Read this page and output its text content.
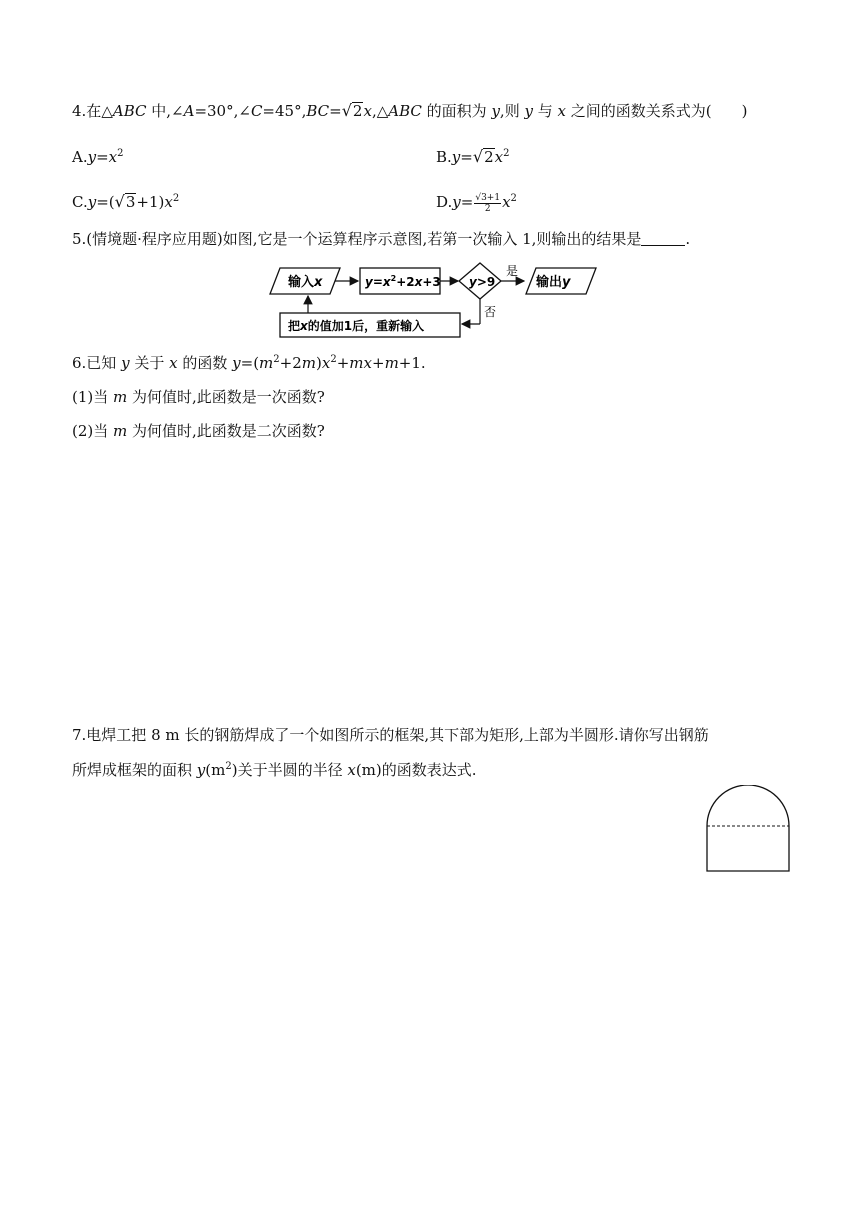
4.在△ABC 中,∠A=30°,∠C=45°,BC= √ 2 x,△ABC 的面积为 y,则 y 与 x 之间的函数关系式为( )
$A.y=x^2$	B.y= √ 2 $x^2$
C.y=( √ $3 +1)x^2$	$D.y= \frac{√3+1}{2} x^2$
5.(情境题·程序应用题)如图,它是一个运算程序示意图,若第一次输入 1,则输出的结果是	.
输入x	$y=x^2+2x+3$ y>9
是
输出y
否
把x的值加1后，重新输入
6.已知 y 关于 x 的函数 $y=(m^2+2m)x^2+mx+m+1$.
(1)当 m 为何值时,此函数是一次函数?
(2)当 m 为何值时,此函数是二次函数?
7.电焊工把 8 m 长的钢筋焊成了一个如图所示的框架,其下部为矩形,上部为半圆形.请你写出钢筋
所焊成框架的面积 $y(m^2)$关于半圆的半径 x(m)的函数表达式.
